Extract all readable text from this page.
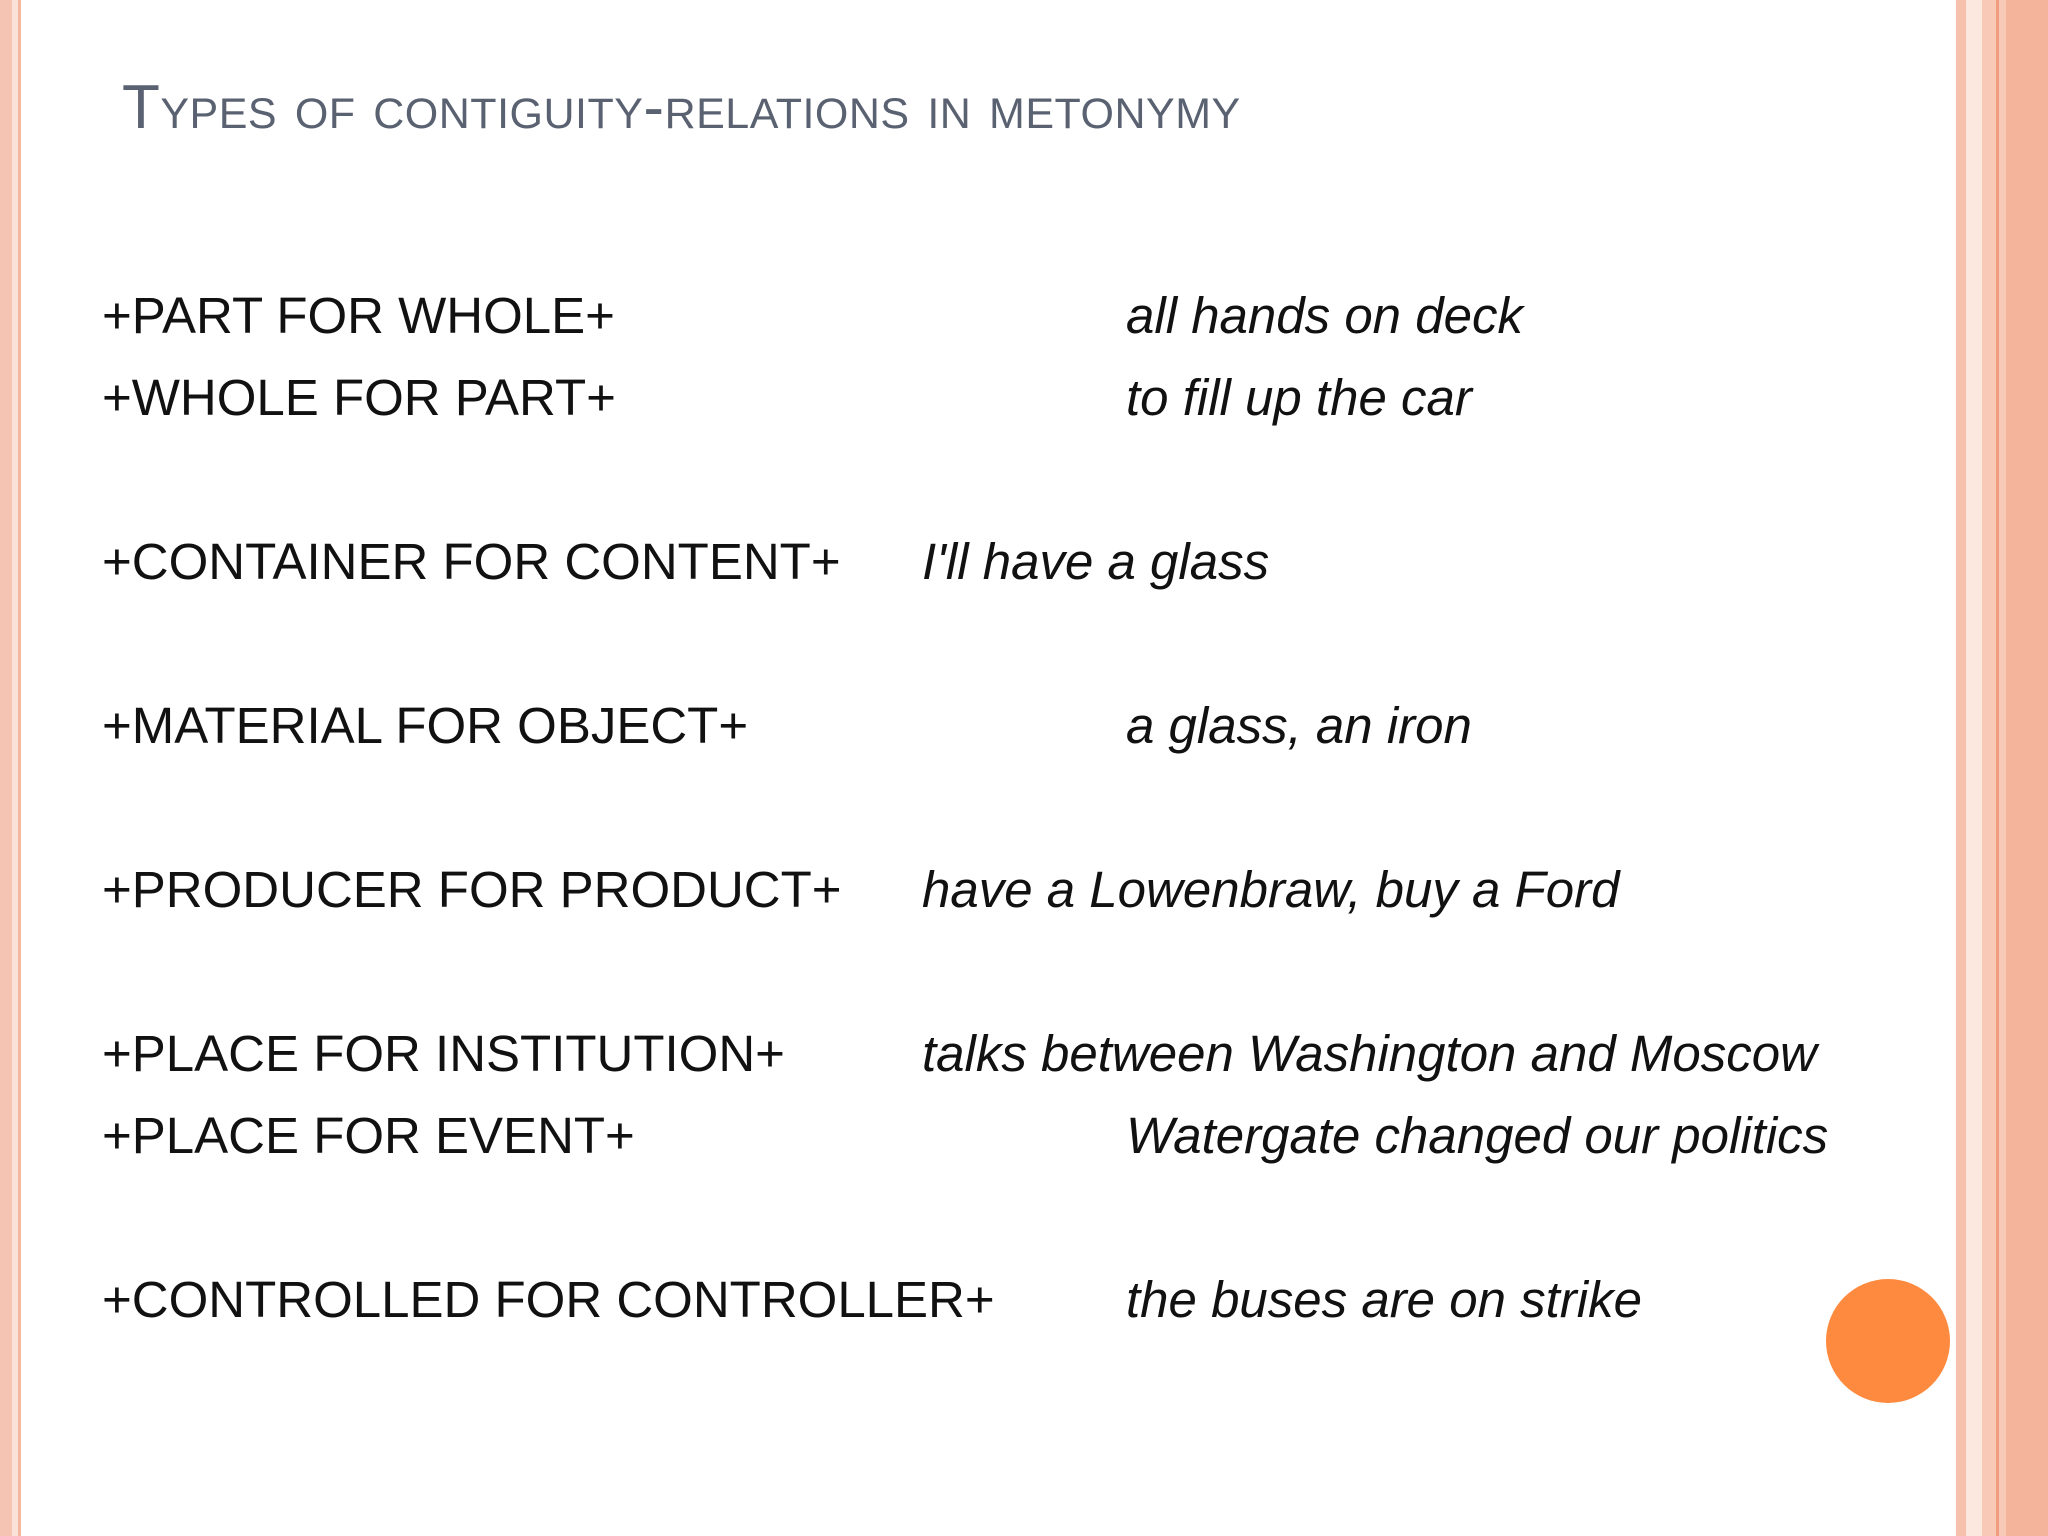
Types of contiguity-relations in metonymy
+PART FOR WHOLE+	all hands on deck
+WHOLE FOR PART+	to fill up the car
+CONTAINER FOR CONTENT+ I'll have a glass
+MATERIAL FOR OBJECT+	a glass, an iron
+PRODUCER FOR PRODUCT+ have a Lowenbraw, buy a Ford
+PLACE FOR INSTITUTION+	talks between Washington and Moscow
+PLACE FOR EVENT+	Watergate changed our politics
+CONTROLLED FOR CONTROLLER+	the buses are on strike
